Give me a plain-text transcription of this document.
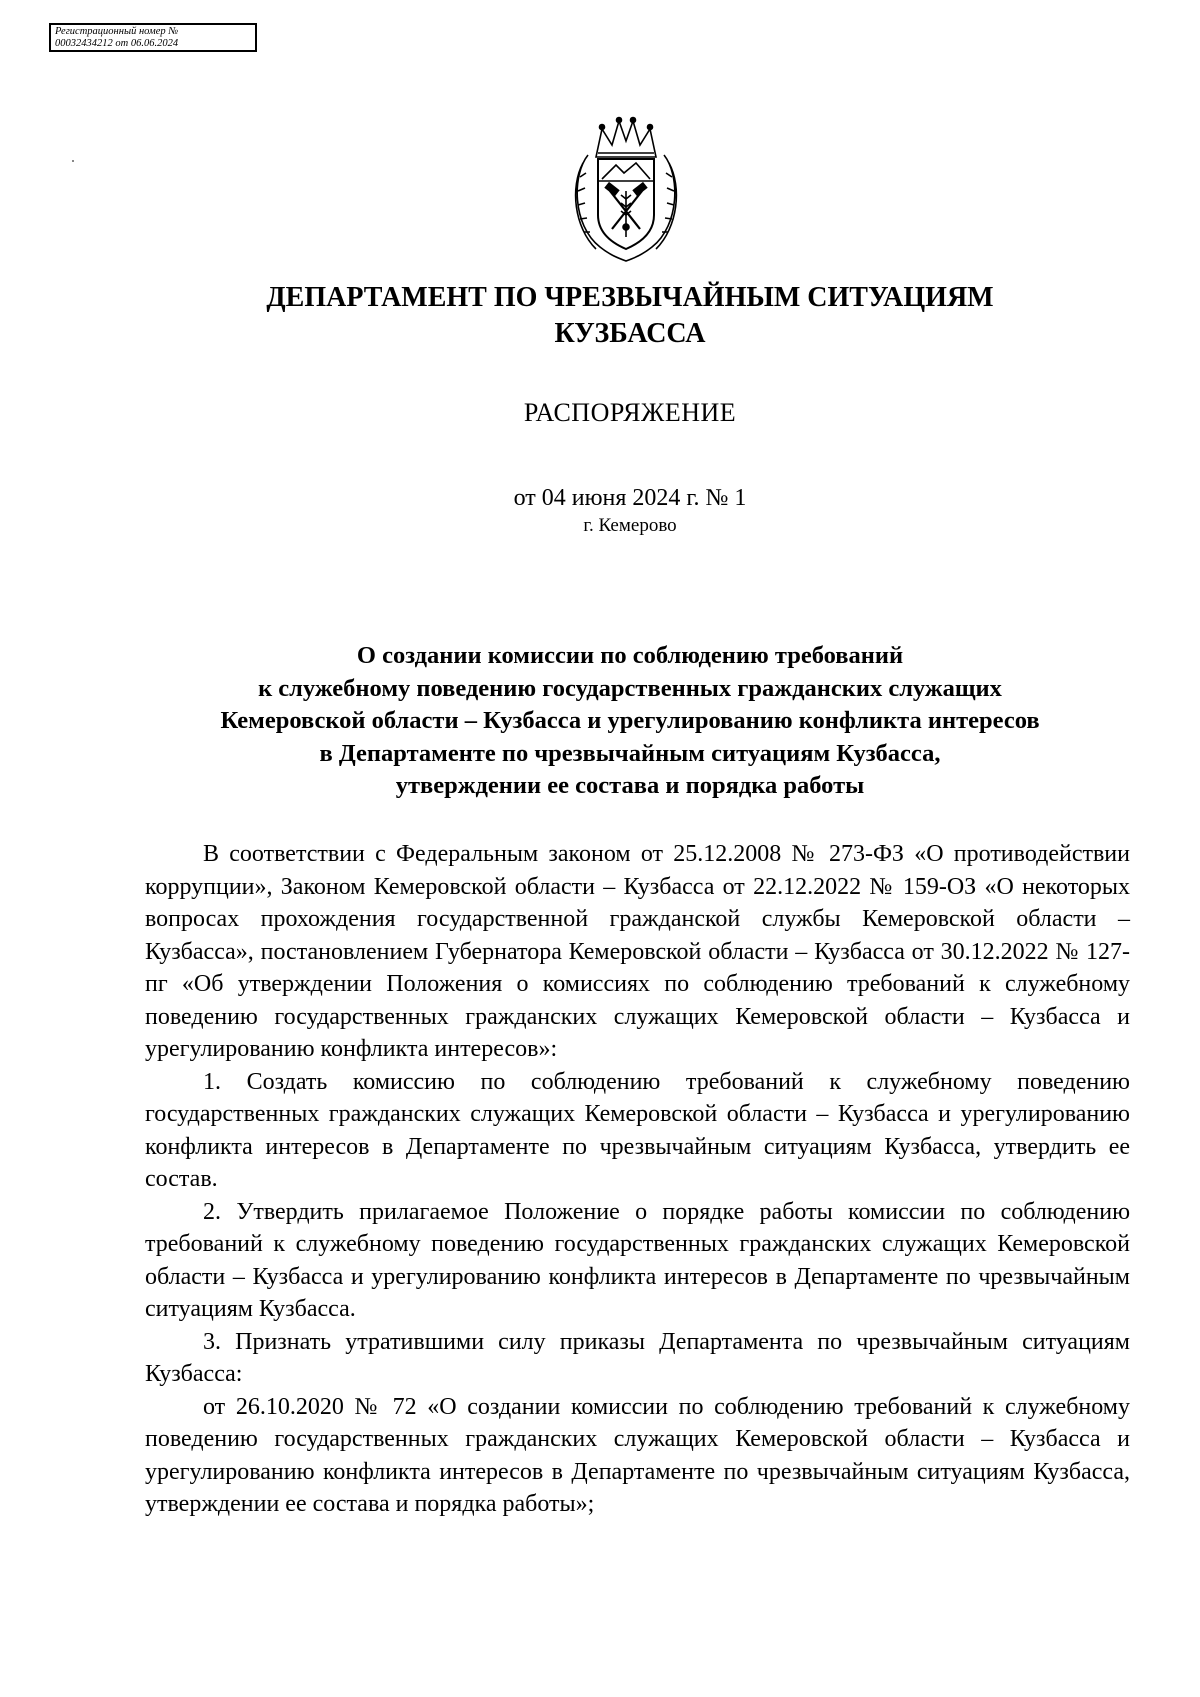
Регистрационный номер №
00032434212 от 06.06.2024
ДЕПАРТАМЕНТ ПО ЧРЕЗВЫЧАЙНЫМ СИТУАЦИЯМ
КУЗБАССА
РАСПОРЯЖЕНИЕ
от 04 июня 2024 г. № 1
г. Кемерово
О создании комиссии по соблюдению требований
к служебному поведению государственных гражданских служащих
Кемеровской области – Кузбасса и урегулированию конфликта интересов
в Департаменте по чрезвычайным ситуациям Кузбасса,
утверждении ее состава и порядка работы

В соответствии с Федеральным законом от 25.12.2008 № 273-ФЗ «О противодействии коррупции», Законом Кемеровской области – Кузбасса от 22.12.2022 № 159-ОЗ «О некоторых вопросах прохождения государственной гражданской службы Кемеровской области – Кузбасса», постановлением Губернатора Кемеровской области – Кузбасса от 30.12.2022 № 127-пг «Об утверждении Положения о комиссиях по соблюдению требований к служебному поведению государственных гражданских служащих Кемеровской области – Кузбасса и урегулированию конфликта интересов»:

1. Создать комиссию по соблюдению требований к служебному поведению государственных гражданских служащих Кемеровской области – Кузбасса и урегулированию конфликта интересов в Департаменте по чрезвычайным ситуациям Кузбасса, утвердить ее состав.

2. Утвердить прилагаемое Положение о порядке работы комиссии по соблюдению требований к служебному поведению государственных гражданских служащих Кемеровской области – Кузбасса и урегулированию конфликта интересов в Департаменте по чрезвычайным ситуациям Кузбасса.

3. Признать утратившими силу приказы Департамента по чрезвычайным ситуациям Кузбасса:

от 26.10.2020 № 72 «О создании комиссии по соблюдению требований к служебному поведению государственных гражданских служащих Кемеровской области – Кузбасса и урегулированию конфликта интересов в Департаменте по чрезвычайным ситуациям Кузбасса, утверждении ее состава и порядка работы»;
